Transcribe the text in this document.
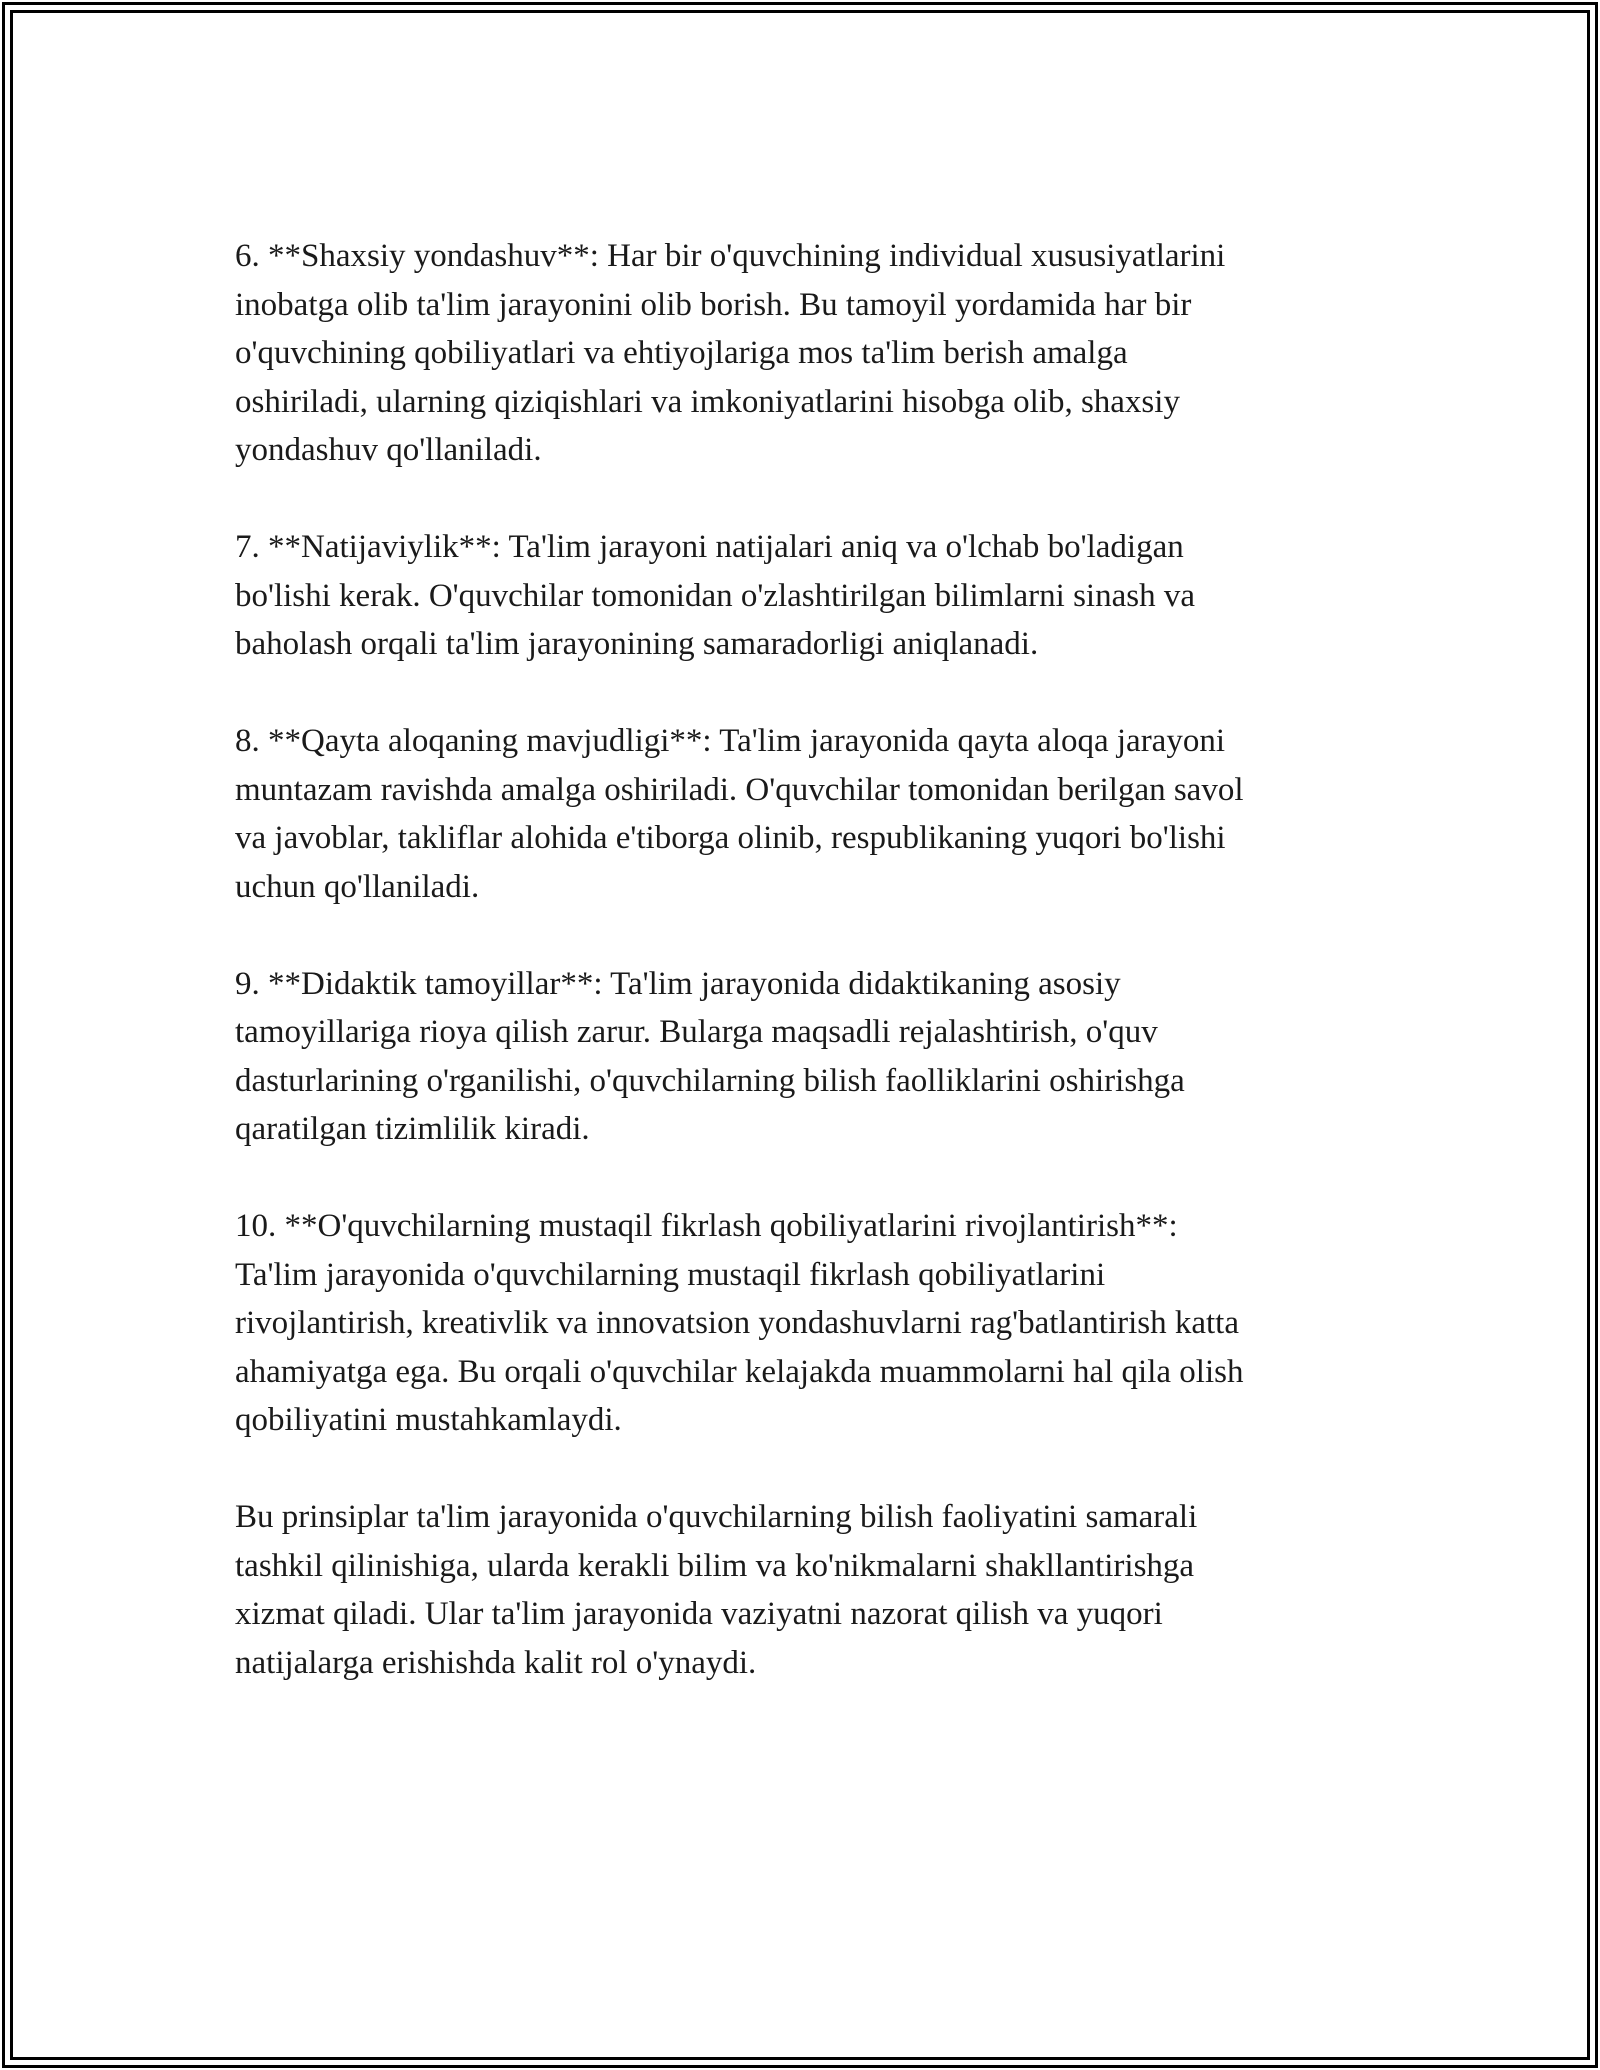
6. **Shaxsiy yondashuv**: Har bir o'quvchining individual xususiyatlarini
inobatga olib ta'lim jarayonini olib borish. Bu tamoyil yordamida har bir
o'quvchining qobiliyatlari va ehtiyojlariga mos ta'lim berish amalga
oshiriladi, ularning qiziqishlari va imkoniyatlarini hisobga olib, shaxsiy
yondashuv qo'llaniladi.

7. **Natijaviylik**: Ta'lim jarayoni natijalari aniq va o'lchab bo'ladigan
bo'lishi kerak. O'quvchilar tomonidan o'zlashtirilgan bilimlarni sinash va
baholash orqali ta'lim jarayonining samaradorligi aniqlanadi.

8. **Qayta aloqaning mavjudligi**: Ta'lim jarayonida qayta aloqa jarayoni
muntazam ravishda amalga oshiriladi. O'quvchilar tomonidan berilgan savol
va javoblar, takliflar alohida e'tiborga olinib, respublikaning yuqori bo'lishi
uchun qo'llaniladi.

9. **Didaktik tamoyillar**: Ta'lim jarayonida didaktikaning asosiy
tamoyillariga rioya qilish zarur. Bularga maqsadli rejalashtirish, o'quv
dasturlarining o'rganilishi, o'quvchilarning bilish faolliklarini oshirishga
qaratilgan tizimlilik kiradi.

10. **O'quvchilarning mustaqil fikrlash qobiliyatlarini rivojlantirish**:
Ta'lim jarayonida o'quvchilarning mustaqil fikrlash qobiliyatlarini
rivojlantirish, kreativlik va innovatsion yondashuvlarni rag'batlantirish katta
ahamiyatga ega. Bu orqali o'quvchilar kelajakda muammolarni hal qila olish
qobiliyatini mustahkamlaydi.

Bu prinsiplar ta'lim jarayonida o'quvchilarning bilish faoliyatini samarali
tashkil qilinishiga, ularda kerakli bilim va ko'nikmalarni shakllantirishga
xizmat qiladi. Ular ta'lim jarayonida vaziyatni nazorat qilish va yuqori
natijalarga erishishda kalit rol o'ynaydi.
